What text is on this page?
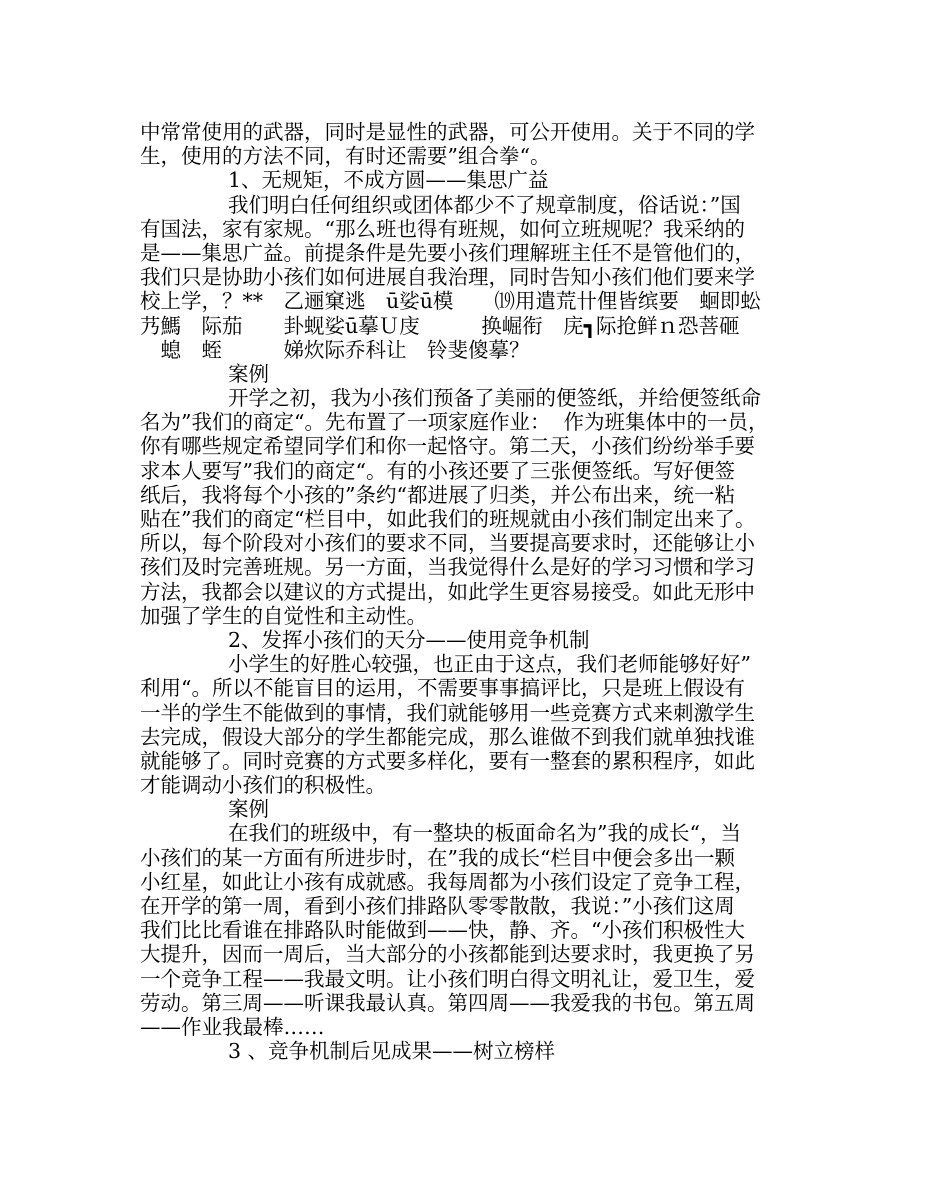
中常常使用的武器，同时是显性的武器，可公开使用。关于不同的学
生，使用的方法不同，有时还需要”组合拳“。
1、无规矩，不成方圆——集思广益
我们明白任何组织或团体都少不了规章制度，俗话说：”国
有国法，家有家规。“那么班也得有班规，如何立班规呢？我采纳的
是——集思广益。前提条件是先要小孩们理解班主任不是管他们的，
我们只是协助小孩们如何进展自我治理，同时告知小孩们他们要来学
校上学，？**　乙逦窠逃　ū娑ū模　　⒆用遣荒卄俚皆缤要　蛔即蚣
艿鰢　际茄　　卦蚬娑ū摹Ｕ庋　　　换崛衔　庑┓际抢鲜ｎ恐菩砸
　螅　蛭　　　娣炊际乔科让　铃斐傻摹？
案例
开学之初，我为小孩们预备了美丽的便签纸，并给便签纸命
名为”我们的商定“。先布置了一项家庭作业：  作为班集体中的一员，
你有哪些规定希望同学们和你一起恪守。第二天，小孩们纷纷举手要
求本人要写”我们的商定“。有的小孩还要了三张便签纸。写好便签
纸后，我将每个小孩的”条约“都进展了归类，并公布出来，统一粘
贴在”我们的商定“栏目中，如此我们的班规就由小孩们制定出来了。
所以，每个阶段对小孩们的要求不同，当要提高要求时，还能够让小
孩们及时完善班规。另一方面，当我觉得什么是好的学习习惯和学习
方法，我都会以建议的方式提出，如此学生更容易接受。如此无形中
加强了学生的自觉性和主动性。
2、发挥小孩们的天分——使用竞争机制
小学生的好胜心较强，也正由于这点，我们老师能够好好”
利用“。所以不能盲目的运用，不需要事事搞评比，只是班上假设有
一半的学生不能做到的事情，我们就能够用一些竞赛方式来刺激学生
去完成，假设大部分的学生都能完成，那么谁做不到我们就单独找谁
就能够了。同时竞赛的方式要多样化，要有一整套的累积程序，如此
才能调动小孩们的积极性。
案例
在我们的班级中，有一整块的板面命名为”我的成长“，当
小孩们的某一方面有所进步时，在”我的成长“栏目中便会多出一颗
小红星，如此让小孩有成就感。我每周都为小孩们设定了竞争工程，
在开学的第一周，看到小孩们排路队零零散散，我说：”小孩们这周
我们比比看谁在排路队时能做到——快，静、齐。“小孩们积极性大
大提升，因而一周后，当大部分的小孩都能到达要求时，我更换了另
一个竞争工程——我最文明。让小孩们明白得文明礼让，爱卫生，爱
劳动。第三周——听课我最认真。第四周——我爱我的书包。第五周
——作业我最棒……
3 、竞争机制后见成果——树立榜样
